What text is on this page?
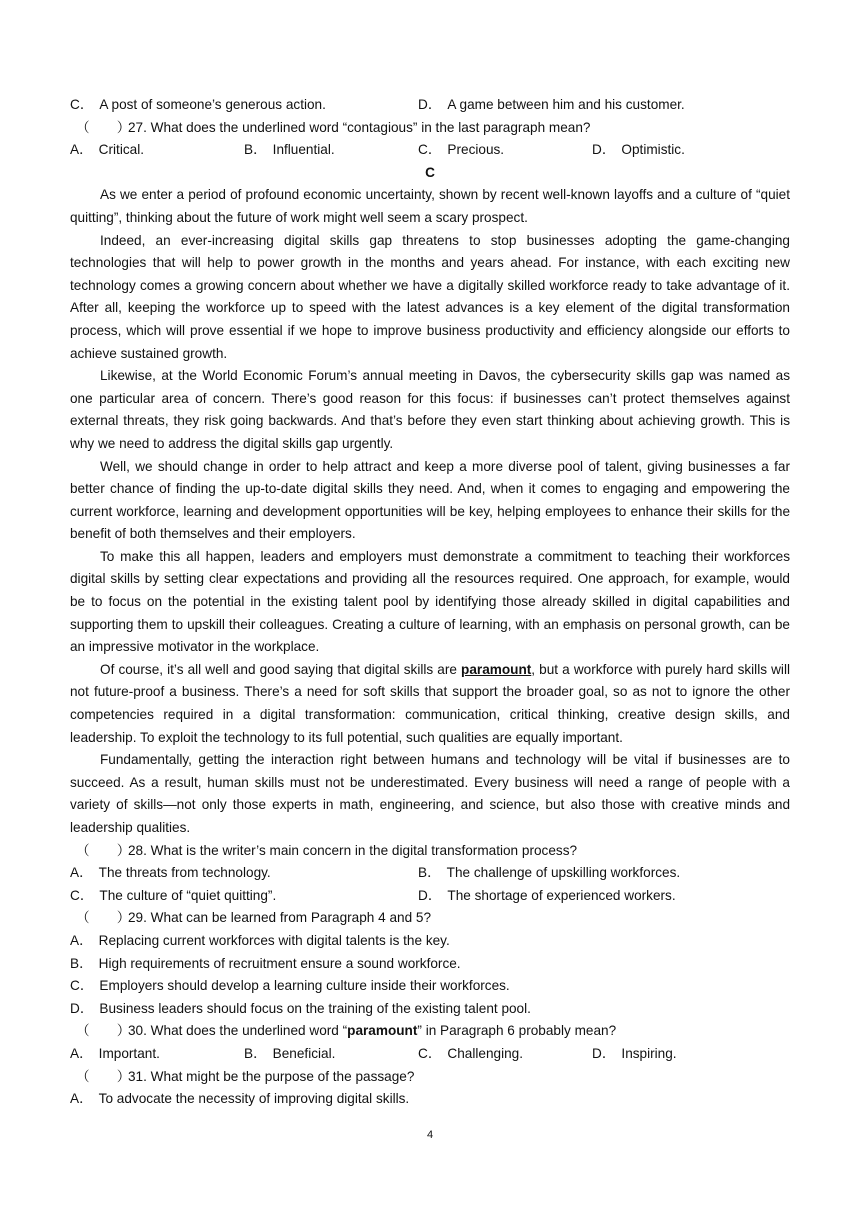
C． A post of someone’s generous action.	D． A game between him and his customer.
（　　）27. What does the underlined word “contagious” in the last paragraph mean?
A． Critical.	B． Influential.	C． Precious.	D． Optimistic.
C

As we enter a period of profound economic uncertainty, shown by recent well-known layoffs and a culture of “quiet quitting”, thinking about the future of work might well seem a scary prospect.

Indeed, an ever-increasing digital skills gap threatens to stop businesses adopting the game-changing technologies that will help to power growth in the months and years ahead. For instance, with each exciting new technology comes a growing concern about whether we have a digitally skilled workforce ready to take advantage of it. After all, keeping the workforce up to speed with the latest advances is a key element of the digital transformation process, which will prove essential if we hope to improve business productivity and efficiency alongside our efforts to achieve sustained growth.

Likewise, at the World Economic Forum’s annual meeting in Davos, the cybersecurity skills gap was named as one particular area of concern. There’s good reason for this focus: if businesses can’t protect themselves against external threats, they risk going backwards. And that’s before they even start thinking about achieving growth. This is why we need to address the digital skills gap urgently.

Well, we should change in order to help attract and keep a more diverse pool of talent, giving businesses a far better chance of finding the up-to-date digital skills they need. And, when it comes to engaging and empowering the current workforce, learning and development opportunities will be key, helping employees to enhance their skills for the benefit of both themselves and their employers.

To make this all happen, leaders and employers must demonstrate a commitment to teaching their workforces digital skills by setting clear expectations and providing all the resources required. One approach, for example, would be to focus on the potential in the existing talent pool by identifying those already skilled in digital capabilities and supporting them to upskill their colleagues. Creating a culture of learning, with an emphasis on personal growth, can be an impressive motivator in the workplace.

Of course, it’s all well and good saying that digital skills are paramount, but a workforce with purely hard skills will not future-proof a business. There’s a need for soft skills that support the broader goal, so as not to ignore the other competencies required in a digital transformation: communication, critical thinking, creative design skills, and leadership. To exploit the technology to its full potential, such qualities are equally important.

Fundamentally, getting the interaction right between humans and technology will be vital if businesses are to succeed. As a result, human skills must not be underestimated. Every business will need a range of people with a variety of skills—not only those experts in math, engineering, and science, but also those with creative minds and leadership qualities.

（　　）28. What is the writer’s main concern in the digital transformation process?
A． The threats from technology.	B． The challenge of upskilling workforces.
C． The culture of “quiet quitting”.	D． The shortage of experienced workers.
（　　）29. What can be learned from Paragraph 4 and 5?
A． Replacing current workforces with digital talents is the key.
B． High requirements of recruitment ensure a sound workforce.
C． Employers should develop a learning culture inside their workforces.
D． Business leaders should focus on the training of the existing talent pool.
（　　）30. What does the underlined word “paramount” in Paragraph 6 probably mean?
A． Important.	B． Beneficial.	C． Challenging.	D． Inspiring.
（　　）31. What might be the purpose of the passage?
A． To advocate the necessity of improving digital skills.
4
